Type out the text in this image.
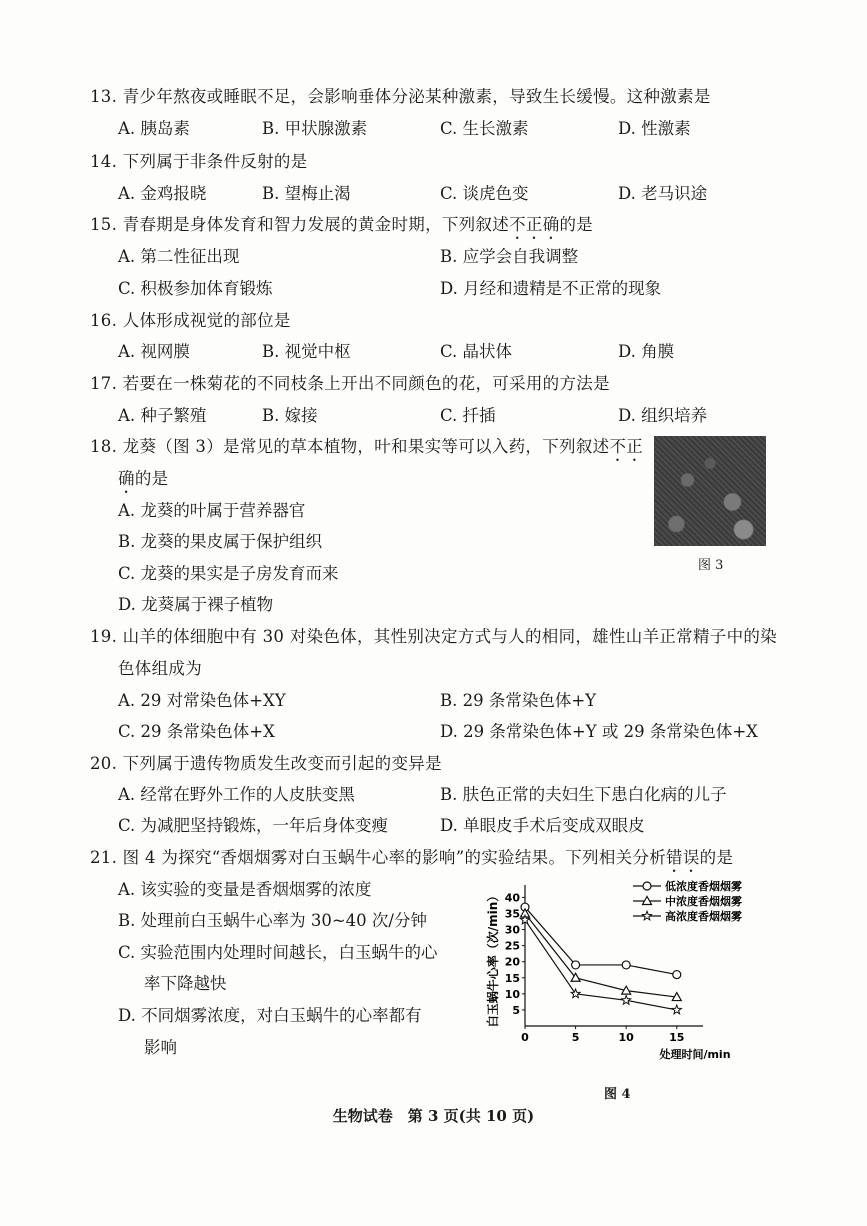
13. 青少年熬夜或睡眠不足，会影响垂体分泌某种激素，导致生长缓慢。这种激素是
A. 胰岛素	B. 甲状腺激素	C. 生长激素	D. 性激素
14. 下列属于非条件反射的是
A. 金鸡报晓	B. 望梅止渴	C. 谈虎色变	D. 老马识途
15. 青春期是身体发育和智力发展的黄金时期，下列叙述不正确的是
A. 第二性征出现	B. 应学会自我调整
C. 积极参加体育锻炼	D. 月经和遗精是不正常的现象
16. 人体形成视觉的部位是
A. 视网膜	B. 视觉中枢	C. 晶状体	D. 角膜
17. 若要在一株菊花的不同枝条上开出不同颜色的花，可采用的方法是
A. 种子繁殖	B. 嫁接	C. 扦插	D. 组织培养
18. 龙葵（图 3）是常见的草本植物，叶和果实等可以入药，下列叙述不正
确的是
A. 龙葵的叶属于营养器官
B. 龙葵的果皮属于保护组织
C. 龙葵的果实是子房发育而来
D. 龙葵属于裸子植物
图 3
19. 山羊的体细胞中有 30 对染色体，其性别决定方式与人的相同，雄性山羊正常精子中的染
色体组成为
A. 29 对常染色体+XY	B. 29 条常染色体+Y
C. 29 条常染色体+X	D. 29 条常染色体+Y 或 29 条常染色体+X
20. 下列属于遗传物质发生改变而引起的变异是
A. 经常在野外工作的人皮肤变黑	B. 肤色正常的夫妇生下患白化病的儿子
C. 为减肥坚持锻炼，一年后身体变瘦	D. 单眼皮手术后变成双眼皮
21. 图 4 为探究“香烟烟雾对白玉蜗牛心率的影响”的实验结果。下列相关分析错误的是
A. 该实验的变量是香烟烟雾的浓度
B. 处理前白玉蜗牛心率为 30~40 次/分钟
C. 实验范围内处理时间越长，白玉蜗牛的心
率下降越快
D. 不同烟雾浓度，对白玉蜗牛的心率都有
影响
0	5	10	15
5
10
15
20
25
30
35
40
处理时间/min
白玉蜗牛心率（次/min）
低浓度香烟烟雾
中浓度香烟烟雾
高浓度香烟烟雾
图 4
生物试卷　第 3 页(共 10 页)
